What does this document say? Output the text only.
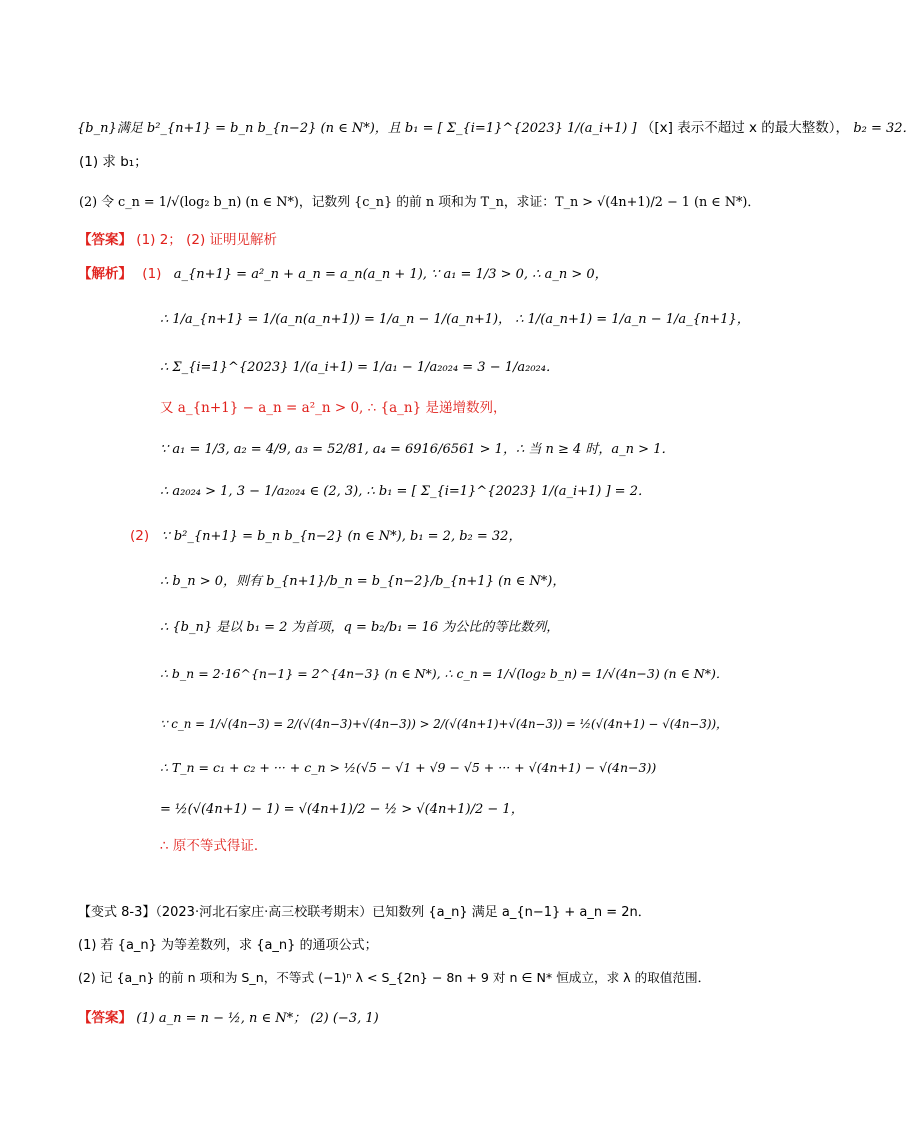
{b_n}满足 b²_{n+1} = b_n b_{n−2} (n ∈ N*)，且 b₁ = [ Σ_{i=1}^{2023} 1/(a_i+1) ] （[x] 表示不超过 x 的最大整数）， b₂ = 32．
(1) 求 b₁；
(2) 令 c_n = 1/√(log₂ b_n) (n ∈ N*)，记数列 {c_n} 的前 n 项和为 T_n，求证：T_n > √(4n+1)/2 − 1 (n ∈ N*)．
【答案】 (1) 2； (2) 证明见解析
【解析】 (1) a_{n+1} = a²_n + a_n = a_n(a_n + 1), ∵ a₁ = 1/3 > 0, ∴ a_n > 0，
∴ 1/a_{n+1} = 1/(a_n(a_n+1)) = 1/a_n − 1/(a_n+1)， ∴ 1/(a_n+1) = 1/a_n − 1/a_{n+1}，
∴ Σ_{i=1}^{2023} 1/(a_i+1) = 1/a₁ − 1/a₂₀₂₄ = 3 − 1/a₂₀₂₄．
又 a_{n+1} − a_n = a²_n > 0, ∴ {a_n} 是递增数列，
∵ a₁ = 1/3, a₂ = 4/9, a₃ = 52/81, a₄ = 6916/6561 > 1，∴ 当 n ≥ 4 时，a_n > 1．
∴ a₂₀₂₄ > 1, 3 − 1/a₂₀₂₄ ∈ (2, 3), ∴ b₁ = [ Σ_{i=1}^{2023} 1/(a_i+1) ] = 2．
(2) ∵ b²_{n+1} = b_n b_{n−2} (n ∈ N*), b₁ = 2, b₂ = 32，
∴ b_n > 0，则有 b_{n+1}/b_n = b_{n−2}/b_{n+1} (n ∈ N*)，
∴ {b_n} 是以 b₁ = 2 为首项，q = b₂/b₁ = 16 为公比的等比数列，
∴ b_n = 2·16^{n−1} = 2^{4n−3} (n ∈ N*), ∴ c_n = 1/√(log₂ b_n) = 1/√(4n−3) (n ∈ N*)．
∵ c_n = 1/√(4n−3) = 2/(√(4n−3)+√(4n−3)) > 2/(√(4n+1)+√(4n−3)) = ½(√(4n+1) − √(4n−3))，
∴ T_n = c₁ + c₂ + ··· + c_n > ½(√5 − √1 + √9 − √5 + ··· + √(4n+1) − √(4n−3))
= ½(√(4n+1) − 1) = √(4n+1)/2 − ½ > √(4n+1)/2 − 1，
∴ 原不等式得证．
【变式 8-3】（2023·河北石家庄·高三校联考期末）已知数列 {a_n} 满足 a_{n−1} + a_n = 2n．
(1) 若 {a_n} 为等差数列，求 {a_n} 的通项公式；
(2) 记 {a_n} 的前 n 项和为 S_n，不等式 (−1)ⁿ λ < S_{2n} − 8n + 9 对 n ∈ N* 恒成立，求 λ 的取值范围．
【答案】 (1) a_n = n − ½, n ∈ N*； (2) (−3, 1)
